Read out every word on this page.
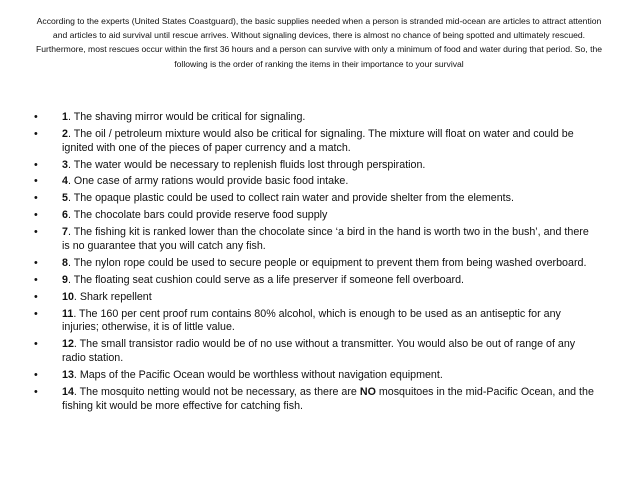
According to the experts (United States Coastguard), the basic supplies needed when a person is stranded mid-ocean are articles to attract attention and articles to aid survival until rescue arrives. Without signaling devices, there is almost no chance of being spotted and ultimately rescued. Furthermore, most rescues occur within the first 36 hours and a person can survive with only a minimum of food and water during that period. So, the following is the order of ranking the items in their importance to your survival
•	1. The shaving mirror would be critical for signaling.
•	2. The oil / petroleum mixture would also be critical for signaling. The mixture will float on water and could be ignited with one of the pieces of paper currency and a match.
•	3. The water would be necessary to replenish fluids lost through perspiration.
•	4. One case of army rations would provide basic food intake.
•	5. The opaque plastic could be used to collect rain water and provide shelter from the elements.
•	6. The chocolate bars could provide reserve food supply
•	7. The fishing kit is ranked lower than the chocolate since ‘a bird in the hand is worth two in the bush’, and there is no guarantee that you will catch any fish.
•	8. The nylon rope could be used to secure people or equipment to prevent them from being washed overboard.
•	9. The floating seat cushion could serve as a life preserver if someone fell overboard.
•	10. Shark repellent
•	11. The 160 per cent proof rum contains 80% alcohol, which is enough to be used as an antiseptic for any injuries; otherwise, it is of little value.
•	12. The small transistor radio would be of no use without a transmitter. You would also be out of range of any radio station.
•	13. Maps of the Pacific Ocean would be worthless without navigation equipment.
•	14. The mosquito netting would not be necessary, as there are NO mosquitoes in the mid-Pacific Ocean, and the fishing kit would be more effective for catching fish.
